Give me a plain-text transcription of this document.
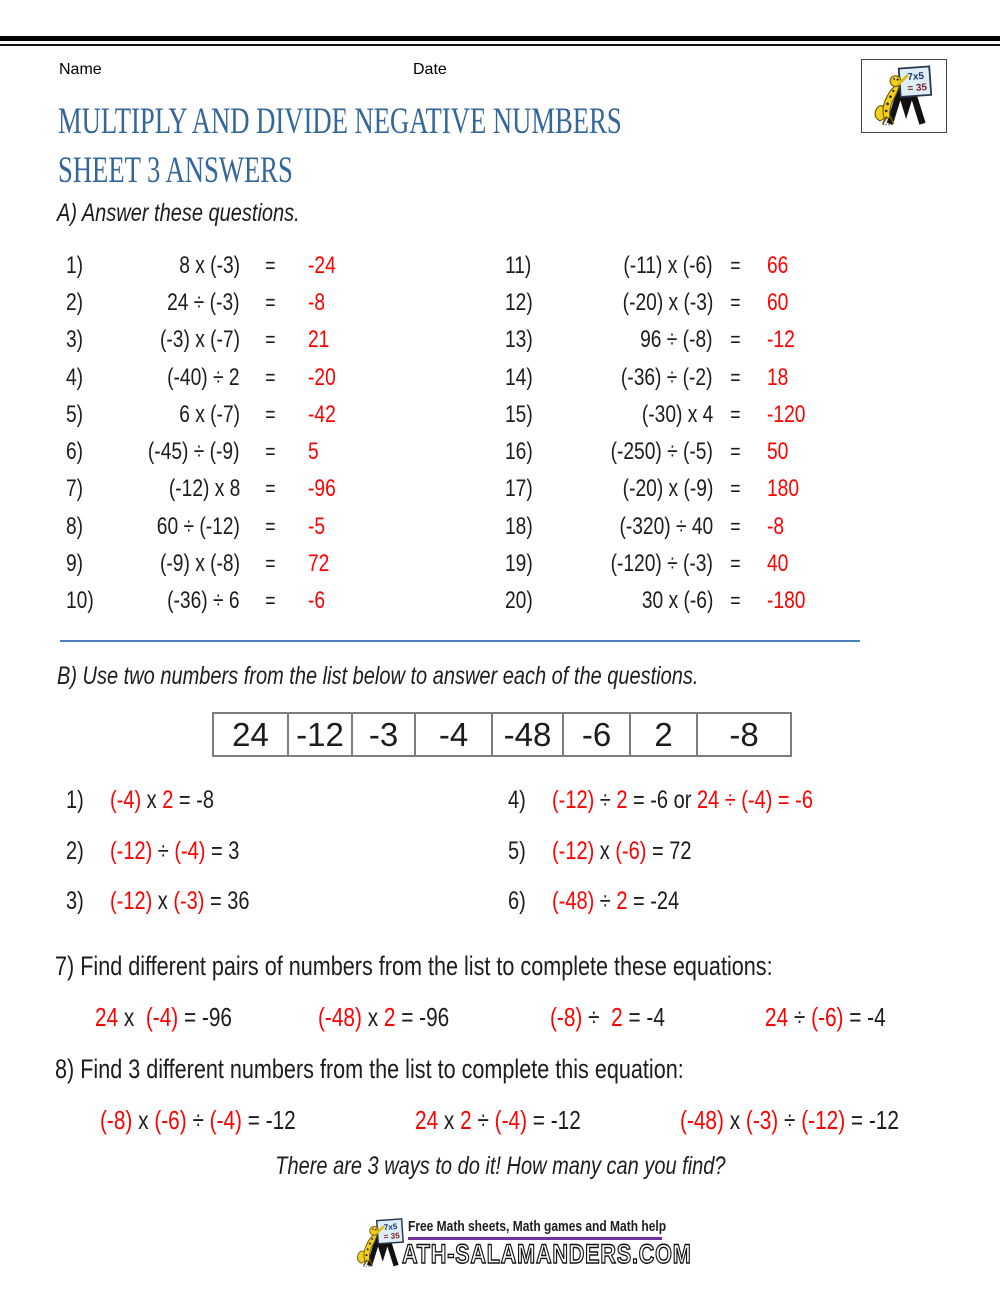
Name	Date
MULTIPLY AND DIVIDE NEGATIVE NUMBERS
SHEET 3 ANSWERS
A) Answer these questions.
1)	8 x (-3)	=	-24
2)	24 ÷ (-3)	=	-8
3)	(-3) x (-7)	=	21
4)	(-40) ÷ 2	=	-20
5)	6 x (-7)	=	-42
6)	(-45) ÷ (-9)	=	5
7)	(-12) x 8	=	-96
8)	60 ÷ (-12)	=	-5
9)	(-9) x (-8)	=	72
10)	(-36) ÷ 6	=	-6
11)	(-11) x (-6) =	66
12)	(-20) x (-3) =	60
13)	96 ÷ (-8) =	-12
14)	(-36) ÷ (-2) =	18
15)	(-30) x 4 =	-120
16)	(-250) ÷ (-5) =	50
17)	(-20) x (-9) =	180
18)	(-320) ÷ 40 =	-8
19)	(-120) ÷ (-3) =	40
20)	30 x (-6) =	-180
B) Use two numbers from the list below to answer each of the questions.
24 -12 -3 -4 -48 -6 2 -8
1)	(-4) x 2 = -8
2)	(-12) ÷ (-4) = 3
3)	(-12) x (-3) = 36
4)	(-12) ÷ 2 = -6 or 24 ÷ (-4) = -6
5)	(-12) x (-6) = 72
6)	(-48) ÷ 2 = -24
7) Find different pairs of numbers from the list to complete these equations:
24 x  (-4) = -96	(-48) x 2 = -96	(-8) ÷  2 = -4	24 ÷ (-6) = -4
8) Find 3 different numbers from the list to complete this equation:
(-8) x (-6) ÷ (-4) = -12	24 x 2 ÷ (-4) = -12	(-48) x (-3) ÷ (-12) = -12
There are 3 ways to do it! How many can you find?
Free Math sheets, Math games and Math help
ATH-SALAMANDERS.COM
